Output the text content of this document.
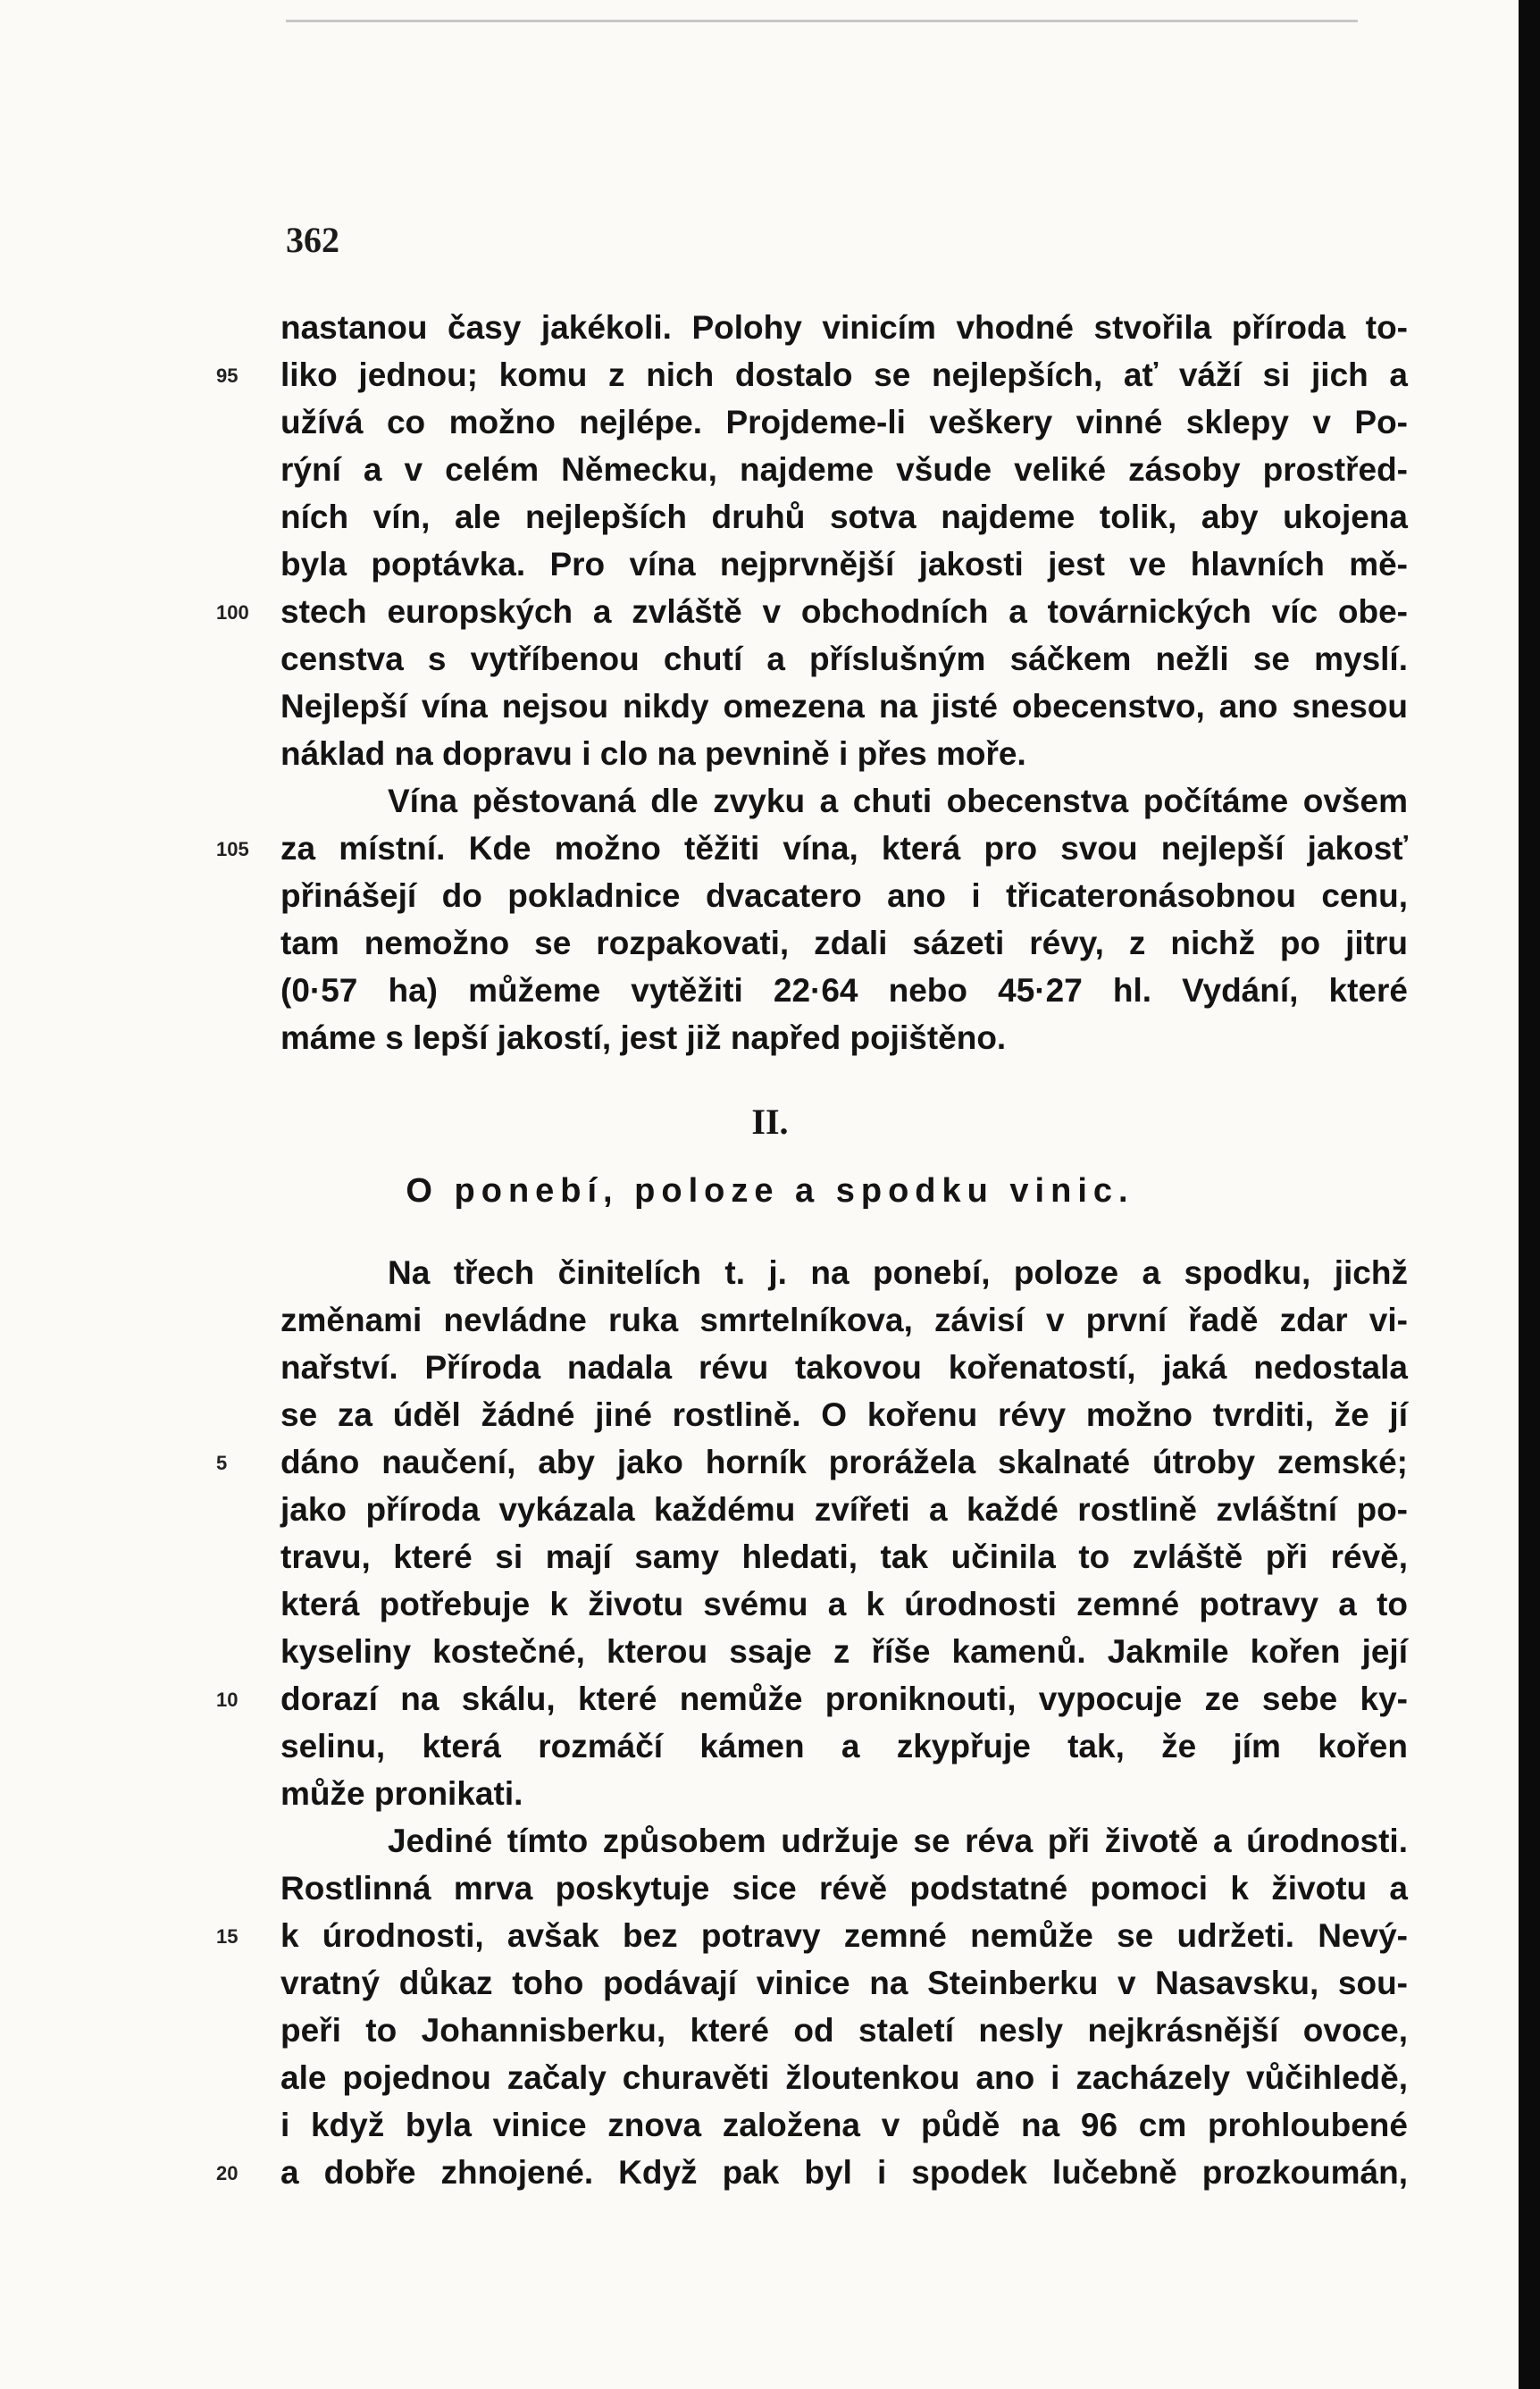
362
nastanou časy jakékoli. Polohy vinicím vhodné stvořila příroda to-
95	liko jednou; komu z nich dostalo se nejlepších, ať váží si jich a
užívá co možno nejlépe. Projdeme-li veškery vinné sklepy v Po-
rýní a v celém Německu, najdeme všude veliké zásoby prostřed-
ních vín, ale nejlepších druhů sotva najdeme tolik, aby ukojena
byla poptávka. Pro vína nejprvnější jakosti jest ve hlavních mě-
100 stech europských a zvláště v obchodních a továrnických víc obe-
censtva s vytříbenou chutí a příslušným sáčkem nežli se myslí.
Nejlepší vína nejsou nikdy omezena na jisté obecenstvo, ano snesou
náklad na dopravu i clo na pevnině i přes moře.
Vína pěstovaná dle zvyku a chuti obecenstva počítáme ovšem
105 za místní. Kde možno těžiti vína, která pro svou nejlepší jakosť
přinášejí do pokladnice dvacatero ano i třicateronásobnou cenu,
tam nemožno se rozpakovati, zdali sázeti révy, z nichž po jitru
(0·57 ha) můžeme vytěžiti 22·64 nebo 45·27 hl. Vydání, které
máme s lepší jakostí, jest již napřed pojištěno.
II.
O ponebí, poloze a spodku vinic.
Na třech činitelích t. j. na ponebí, poloze a spodku, jichž
změnami nevládne ruka smrtelníkova, závisí v první řadě zdar vi-
nařství. Příroda nadala révu takovou kořenatostí, jaká nedostala
se za úděl žádné jiné rostlině. O kořenu révy možno tvrditi, že jí
5	dáno naučení, aby jako horník prorážela skalnaté útroby zemské;
jako příroda vykázala každému zvířeti a každé rostlině zvláštní po-
travu, které si mají samy hledati, tak učinila to zvláště při révě,
která potřebuje k životu svému a k úrodnosti zemné potravy a to
kyseliny kostečné, kterou ssaje z říše kamenů. Jakmile kořen její
10	dorazí na skálu, které nemůže proniknouti, vypocuje ze sebe ky-
selinu, která rozmáčí kámen a zkypřuje tak, že jím kořen
může pronikati.
Jediné tímto způsobem udržuje se réva při životě a úrodnosti.
Rostlinná mrva poskytuje sice révě podstatné pomoci k životu a
15	k úrodnosti, avšak bez potravy zemné nemůže se udržeti. Nevý-
vratný důkaz toho podávají vinice na Steinberku v Nasavsku, sou-
peři to Johannisberku, které od staletí nesly nejkrásnější ovoce,
ale pojednou začaly churavěti žloutenkou ano i zacházely vůčihledě,
i když byla vinice znova založena v půdě na 96 cm prohloubené
20	a dobře zhnojené. Když pak byl i spodek lučebně prozkoumán,
